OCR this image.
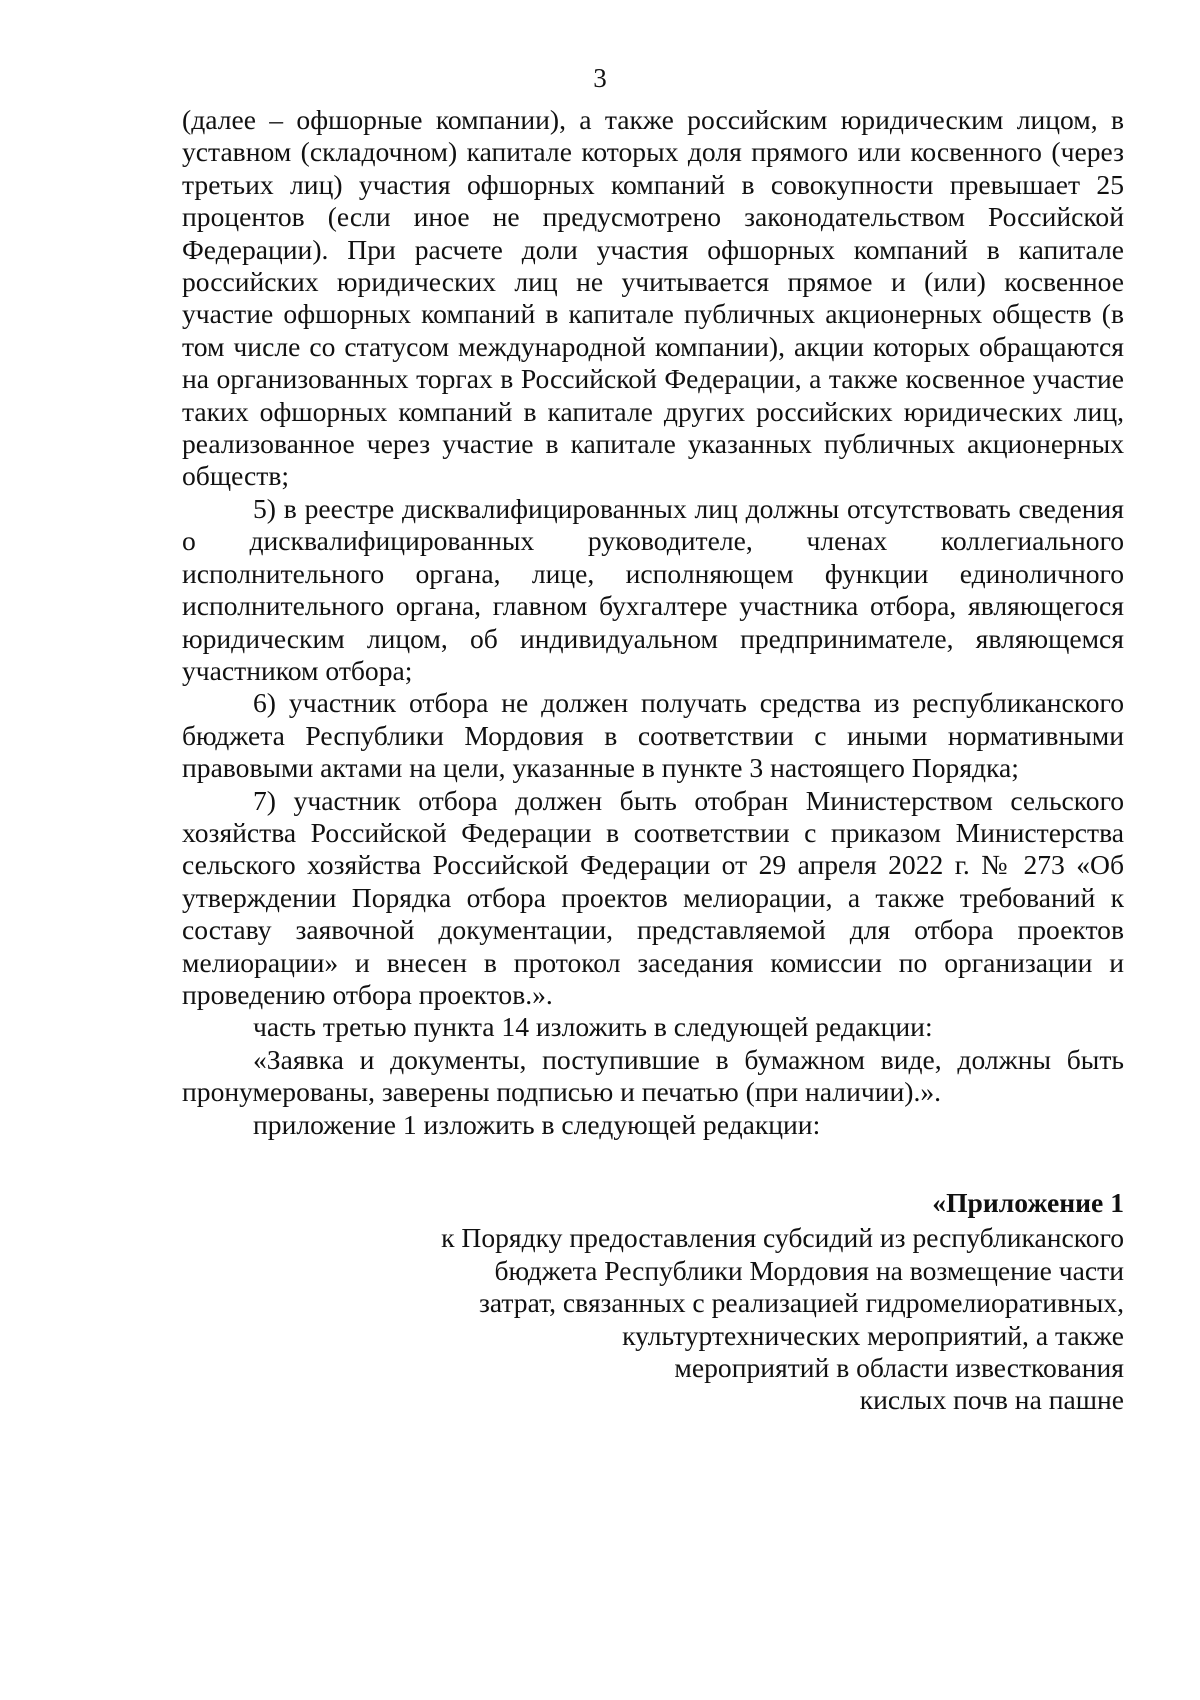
3

(далее – офшорные компании), а также российским юридическим лицом, в уставном (складочном) капитале которых доля прямого или косвенного (через третьих лиц) участия офшорных компаний в совокупности превышает 25 процентов (если иное не предусмотрено законодательством Российской Федерации). При расчете доли участия офшорных компаний в капитале российских юридических лиц не учитывается прямое и (или) косвенное участие офшорных компаний в капитале публичных акционерных обществ (в том числе со статусом международной компании), акции которых обращаются на организованных торгах в Российской Федерации, а также косвенное участие таких офшорных компаний в капитале других российских юридических лиц, реализованное через участие в капитале указанных публичных акционерных обществ;

5) в реестре дисквалифицированных лиц должны отсутствовать сведения о дисквалифицированных руководителе, членах коллегиального исполнительного органа, лице, исполняющем функции единоличного исполнительного органа, главном бухгалтере участника отбора, являющегося юридическим лицом, об индивидуальном предпринимателе, являющемся участником отбора;

6) участник отбора не должен получать средства из республиканского бюджета Республики Мордовия в соответствии с иными нормативными правовыми актами на цели, указанные в пункте 3 настоящего Порядка;

7) участник отбора должен быть отобран Министерством сельского хозяйства Российской Федерации в соответствии с приказом Министерства сельского хозяйства Российской Федерации от 29 апреля 2022 г. № 273 «Об утверждении Порядка отбора проектов мелиорации, а также требований к составу заявочной документации, представляемой для отбора проектов мелиорации» и внесен в протокол заседания комиссии по организации и проведению отбора проектов.».

часть третью пункта 14 изложить в следующей редакции:

«Заявка и документы, поступившие в бумажном виде, должны быть пронумерованы, заверены подписью и печатью (при наличии).».

приложение 1 изложить в следующей редакции:

«Приложение 1
к Порядку предоставления субсидий из республиканского
бюджета Республики Мордовия на возмещение части
затрат, связанных с реализацией гидромелиоративных,
культуртехнических мероприятий, а также
мероприятий в области известкования
кислых почв на пашне
